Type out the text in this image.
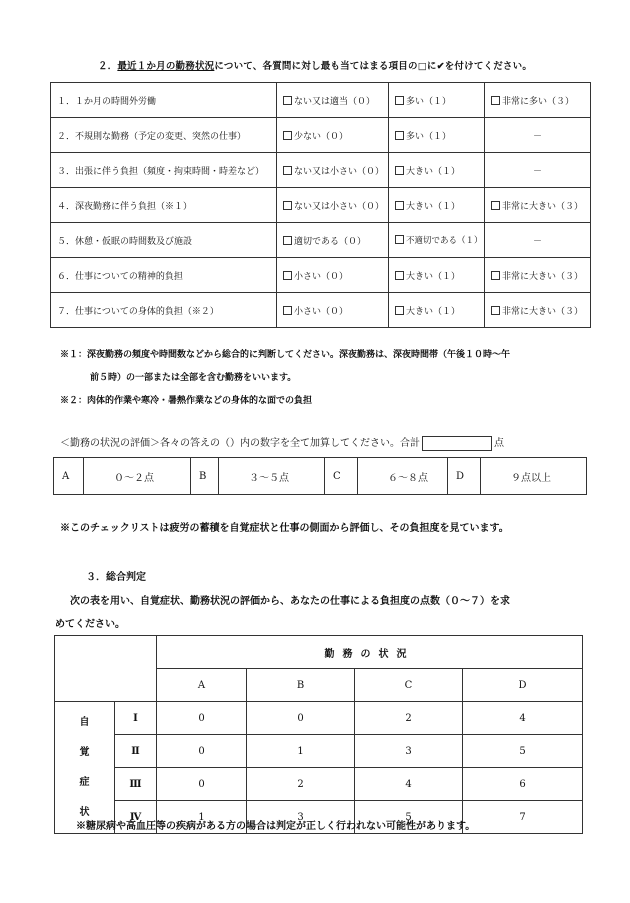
２．最近１か月の勤務状況について、各質問に対し最も当てはまる項目の□に✔を付けてください。
１．１か月の時間外労働	ない又は適当（０）	多い（１）	非常に多い（３）
２．不規則な勤務（予定の変更、突然の仕事）	少ない（０）	多い（１）	－
３．出張に伴う負担（頻度・拘束時間・時差など）	ない又は小さい（０）	大きい（１）	－
４．深夜勤務に伴う負担（※１）	ない又は小さい（０）	大きい（１）	非常に大きい（３）
５．休憩・仮眠の時間数及び施設	適切である（０）	不適切である（１）	－
６．仕事についての精神的負担	小さい（０）	大きい（１）	非常に大きい（３）
７．仕事についての身体的負担（※２）	小さい（０）	大きい（１）	非常に大きい（３）
※１：深夜勤務の頻度や時間数などから総合的に判断してください。深夜勤務は、深夜時間帯（午後１０時～午
前５時）の一部または全部を含む勤務をいいます。
※２：肉体的作業や寒冷・暑熱作業などの身体的な面での負担
＜勤務の状況の評価＞各々の答えの（）内の数字を全て加算してください。合計	点
A	０～２点	B	３～５点	C	６～８点	D	９点以上
※このチェックリストは疲労の蓄積を自覚症状と仕事の側面から評価し、その負担度を見ています。
３．総合判定
次の表を用い、自覚症状、勤務状況の評価から、あなたの仕事による負担度の点数（０～７）を求
めてください。
		勤務の状況			
		A	B	C	D

自
覚
症
状	Ⅰ	0	0	2	4
	Ⅱ	0	1	3	5
	Ⅲ	0	2	4	6
	Ⅳ	1	3	5	7
※糖尿病や高血圧等の疾病がある方の場合は判定が正しく行われない可能性があります。
